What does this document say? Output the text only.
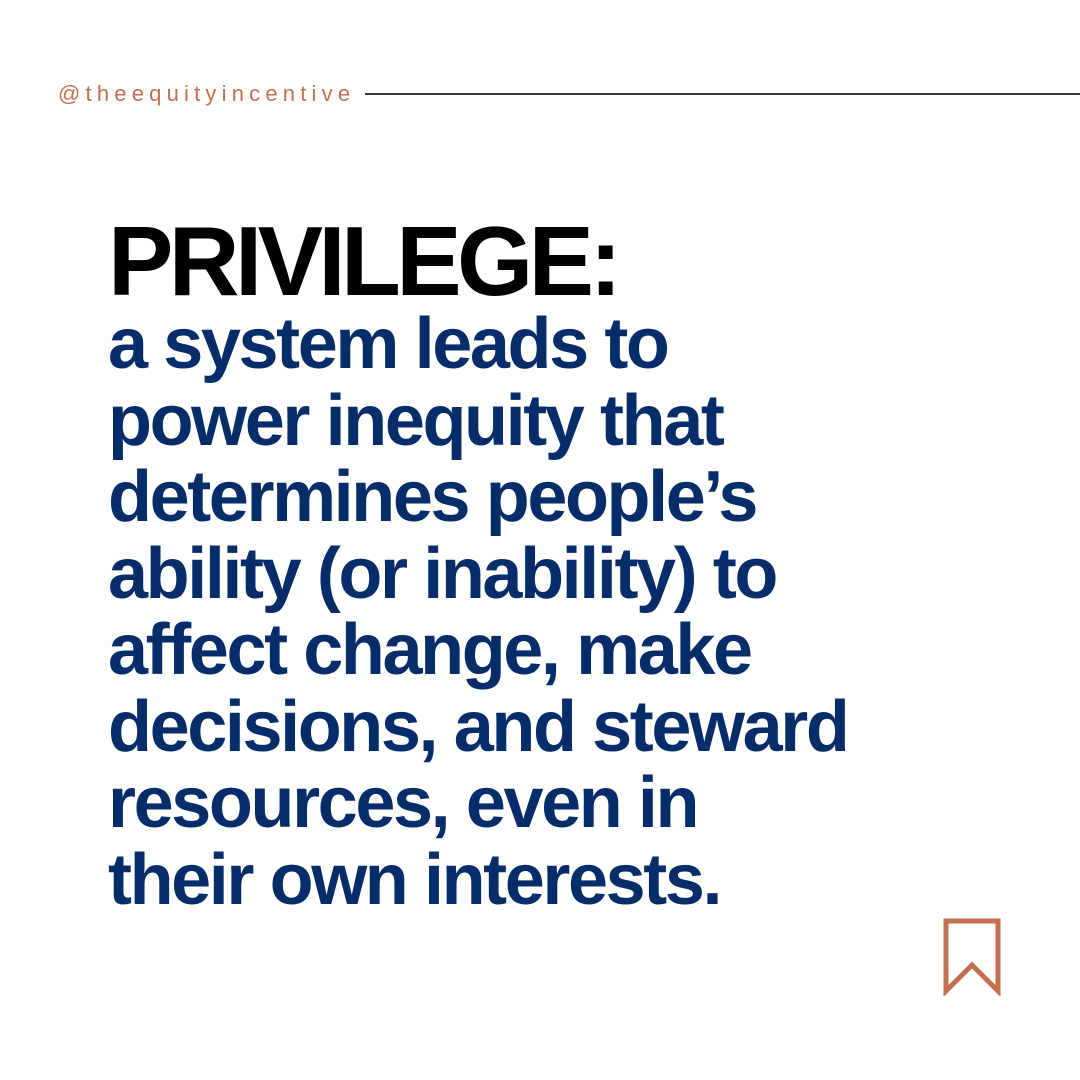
@theequityincentive
PRIVILEGE:

a system leads to
power inequity that
determines people’s
ability (or inability) to
affect change, make
decisions, and steward
resources, even in
their own interests.
